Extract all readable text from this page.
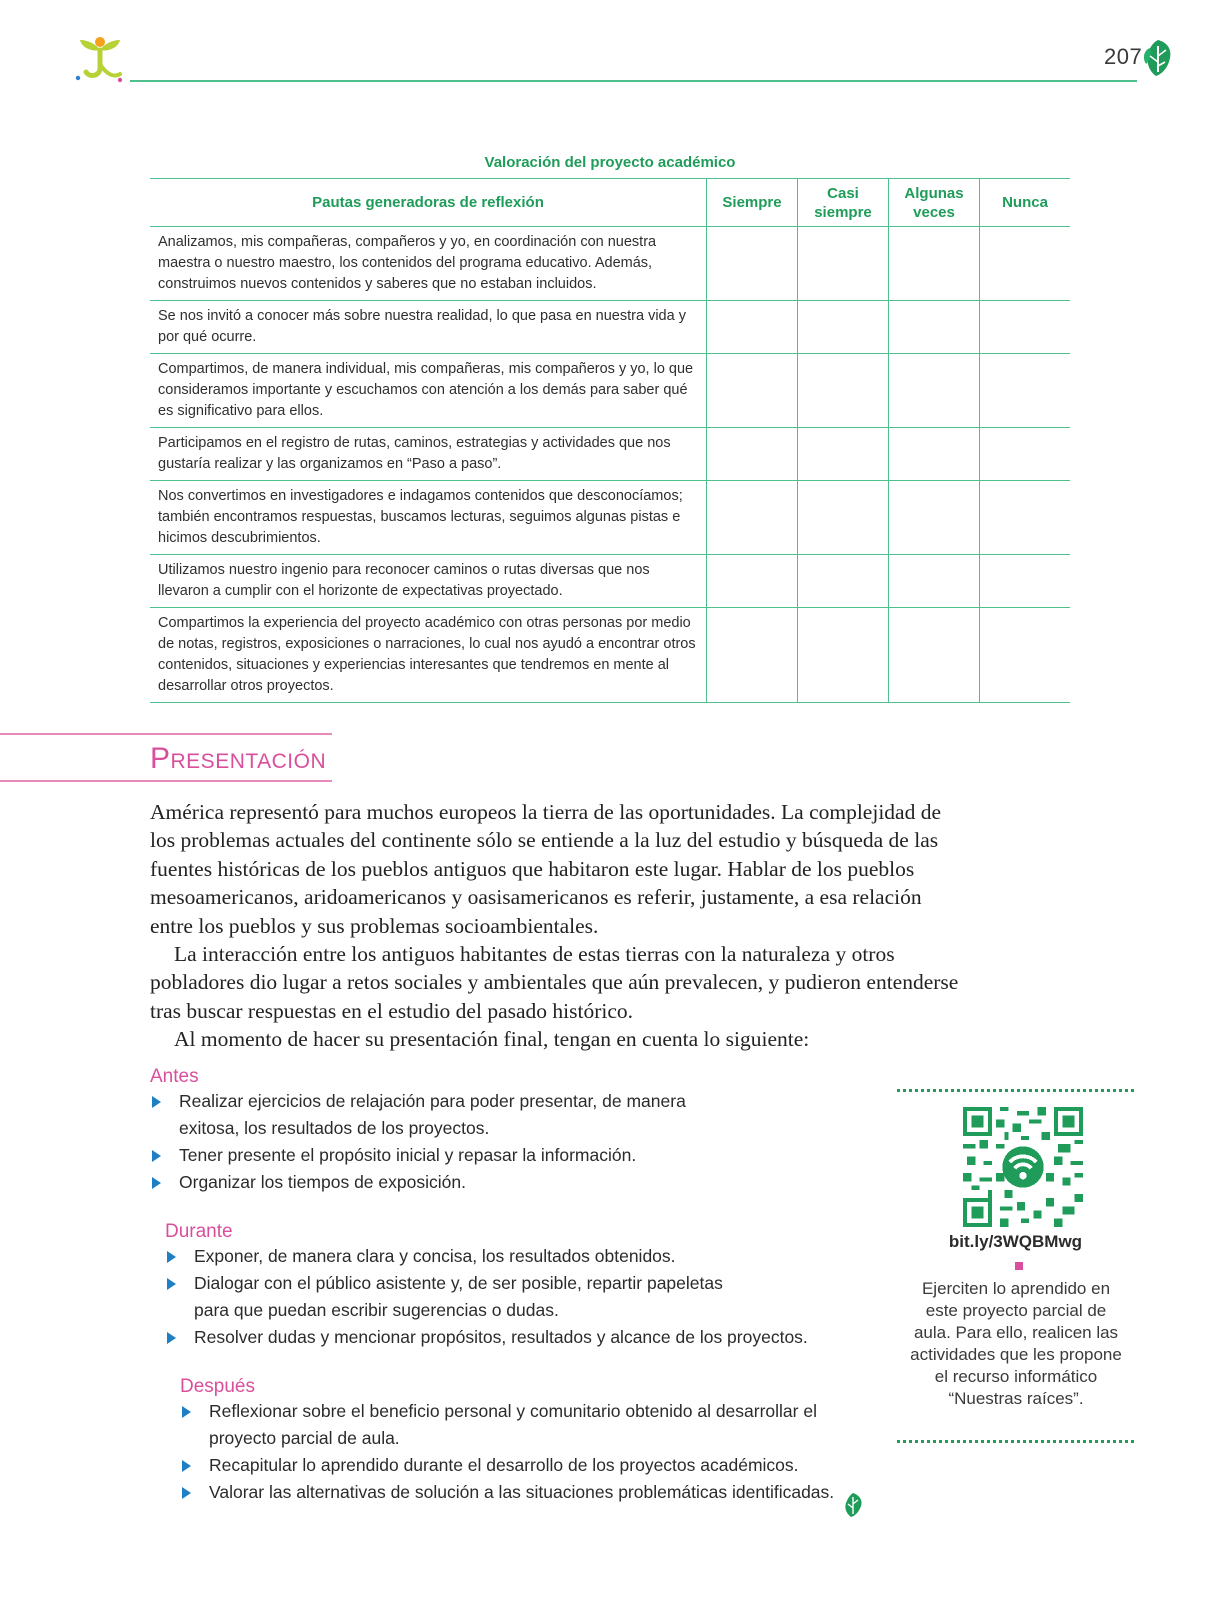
207
Valoración del proyecto académico
Pautas generadoras de reflexión	Siempre	Casi siempre	Algunas veces	Nunca
Analizamos, mis compañeras, compañeros y yo, en coordinación con nuestra maestra o nuestro maestro, los contenidos del programa educativo. Además, construimos nuevos contenidos y saberes que no estaban incluidos.				
Se nos invitó a conocer más sobre nuestra realidad, lo que pasa en nuestra vida y por qué ocurre.				
Compartimos, de manera individual, mis compañeras, mis compañeros y yo, lo que consideramos importante y escuchamos con atención a los demás para saber qué es significativo para ellos.				
Participamos en el registro de rutas, caminos, estrategias y actividades que nos gustaría realizar y las organizamos en “Paso a paso”.				
Nos convertimos en investigadores e indagamos contenidos que desconocíamos; también encontramos respuestas, buscamos lecturas, seguimos algunas pistas e hicimos descubrimientos.				
Utilizamos nuestro ingenio para reconocer caminos o rutas diversas que nos llevaron a cumplir con el horizonte de expectativas proyectado.				
Compartimos la experiencia del proyecto académico con otras personas por medio de notas, registros, exposiciones o narraciones, lo cual nos ayudó a encontrar otros contenidos, situaciones y experiencias interesantes que tendremos en mente al desarrollar otros proyectos.				
Presentación

América representó para muchos europeos la tierra de las oportunidades. La complejidad de los problemas actuales del continente sólo se entiende a la luz del estudio y búsqueda de las fuentes históricas de los pueblos antiguos que habitaron este lugar. Hablar de los pueblos mesoamericanos, aridoamericanos y oasisamericanos es referir, justamente, a esa relación entre los pueblos y sus problemas socioambientales.

La interacción entre los antiguos habitantes de estas tierras con la naturaleza y otros pobladores dio lugar a retos sociales y ambientales que aún prevalecen, y pudieron entenderse tras buscar respuestas en el estudio del pasado histórico.

Al momento de hacer su presentación final, tengan en cuenta lo siguiente:

Antes
Realizar ejercicios de relajación para poder presentar, de manera exitosa, los resultados de los proyectos.
Tener presente el propósito inicial y repasar la información.
Organizar los tiempos de exposición.
Durante
Exponer, de manera clara y concisa, los resultados obtenidos.
Dialogar con el público asistente y, de ser posible, repartir papeletas para que puedan escribir sugerencias o dudas.
Resolver dudas y mencionar propósitos, resultados y alcance de los proyectos.
Después
Reflexionar sobre el beneficio personal y comunitario obtenido al desarrollar el proyecto parcial de aula.
Recapitular lo aprendido durante el desarrollo de los proyectos académicos.
Valorar las alternativas de solución a las situaciones problemáticas identificadas.
bit.ly/3WQBMwg
Ejerciten lo aprendido en este proyecto parcial de aula. Para ello, realicen las actividades que les propone el recurso informático “Nuestras raíces”.
